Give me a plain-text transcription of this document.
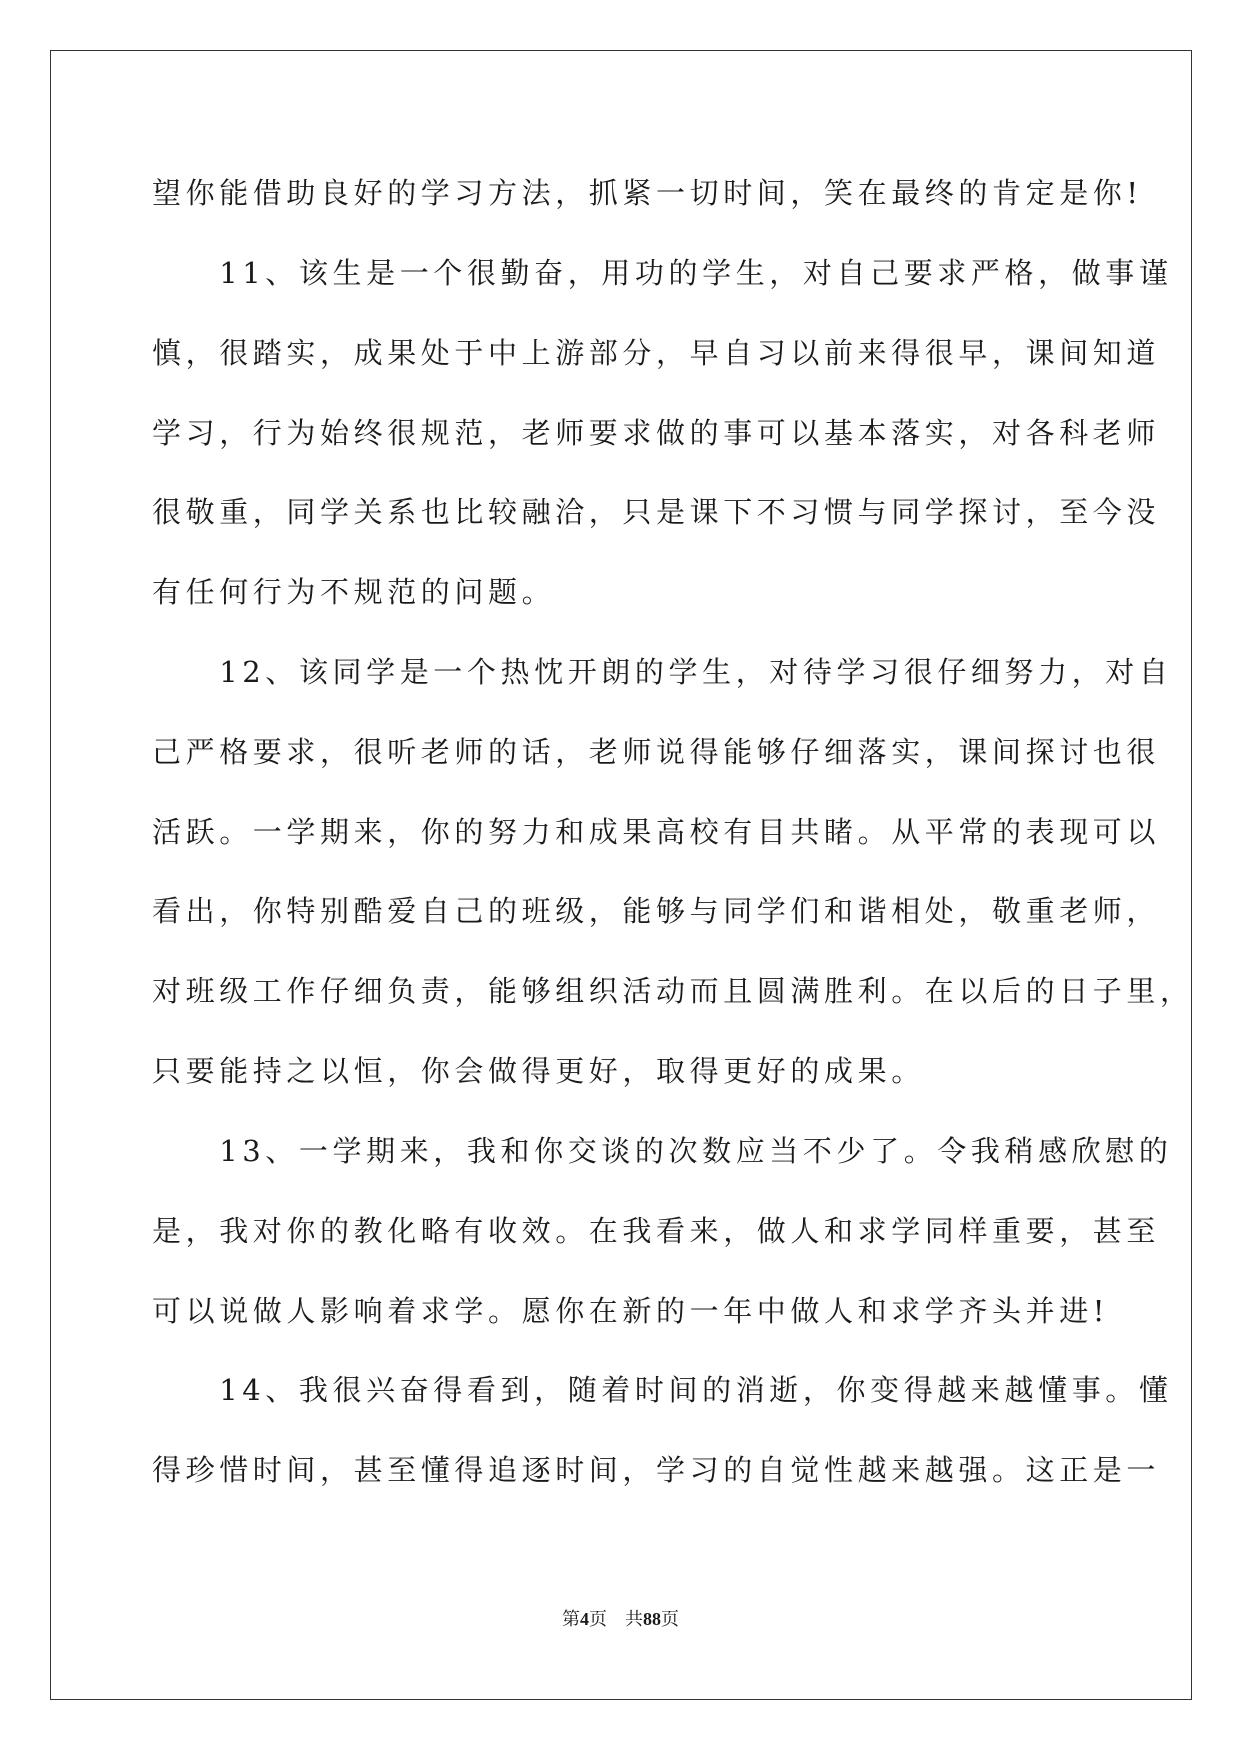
望你能借助良好的学习方法，抓紧一切时间，笑在最终的肯定是你!
　　11、该生是一个很勤奋，用功的学生，对自己要求严格，做事谨
慎，很踏实，成果处于中上游部分，早自习以前来得很早，课间知道
学习，行为始终很规范，老师要求做的事可以基本落实，对各科老师
很敬重，同学关系也比较融洽，只是课下不习惯与同学探讨，至今没
有任何行为不规范的问题。
　　12、该同学是一个热忱开朗的学生，对待学习很仔细努力，对自
己严格要求，很听老师的话，老师说得能够仔细落实，课间探讨也很
活跃。一学期来，你的努力和成果高校有目共睹。从平常的表现可以
看出，你特别酷爱自己的班级，能够与同学们和谐相处，敬重老师，
对班级工作仔细负责，能够组织活动而且圆满胜利。在以后的日子里，
只要能持之以恒，你会做得更好，取得更好的成果。
　　13、一学期来，我和你交谈的次数应当不少了。令我稍感欣慰的
是，我对你的教化略有收效。在我看来，做人和求学同样重要，甚至
可以说做人影响着求学。愿你在新的一年中做人和求学齐头并进!
　　14、我很兴奋得看到，随着时间的消逝，你变得越来越懂事。懂
得珍惜时间，甚至懂得追逐时间，学习的自觉性越来越强。这正是一
第4页 共88页
